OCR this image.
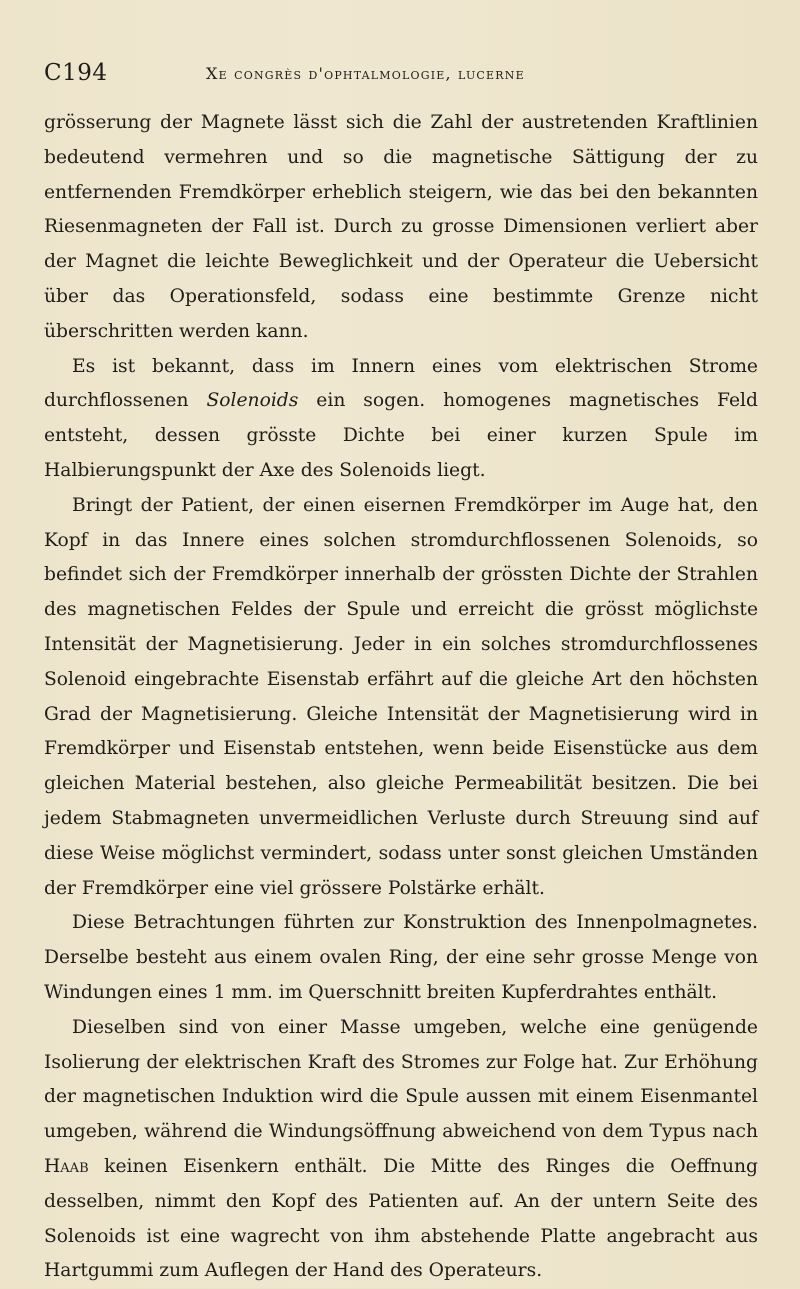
C194	Xe congrès d'ophtalmologie, lucerne

grösserung der Magnete lässt sich die Zahl der austretenden Kraftlinien bedeutend vermehren und so die magnetische Sättigung der zu entfernenden Fremdkörper erheblich steigern, wie das bei den bekannten Riesenmagneten der Fall ist. Durch zu grosse Dimensionen verliert aber der Magnet die leichte Beweglichkeit und der Operateur die Uebersicht über das Operationsfeld, sodass eine bestimmte Grenze nicht überschritten werden kann.

Es ist bekannt, dass im Innern eines vom elektrischen Strome durchflossenen Solenoids ein sogen. homogenes magnetisches Feld entsteht, dessen grösste Dichte bei einer kurzen Spule im Halbierungspunkt der Axe des Solenoids liegt.

Bringt der Patient, der einen eisernen Fremdkörper im Auge hat, den Kopf in das Innere eines solchen stromdurchflossenen Solenoids, so befindet sich der Fremdkörper innerhalb der grössten Dichte der Strahlen des magnetischen Feldes der Spule und erreicht die grösst möglichste Intensität der Magnetisierung. Jeder in ein solches stromdurchflossenes Solenoid eingebrachte Eisenstab erfährt auf die gleiche Art den höchsten Grad der Magnetisierung. Gleiche Intensität der Magnetisierung wird in Fremdkörper und Eisenstab entstehen, wenn beide Eisenstücke aus dem gleichen Material bestehen, also gleiche Permeabilität besitzen. Die bei jedem Stabmagneten unvermeidlichen Verluste durch Streuung sind auf diese Weise möglichst vermindert, sodass unter sonst gleichen Umständen der Fremdkörper eine viel grössere Polstärke erhält.

Diese Betrachtungen führten zur Konstruktion des Innenpolmagnetes. Derselbe besteht aus einem ovalen Ring, der eine sehr grosse Menge von Windungen eines 1 mm. im Querschnitt breiten Kupferdrahtes enthält.

Dieselben sind von einer Masse umgeben, welche eine genügende Isolierung der elektrischen Kraft des Stromes zur Folge hat. Zur Erhöhung der magnetischen Induktion wird die Spule aussen mit einem Eisenmantel umgeben, während die Windungsöffnung abweichend von dem Typus nach Haab keinen Eisenkern enthält. Die Mitte des Ringes die Oeffnung desselben, nimmt den Kopf des Patienten auf. An der untern Seite des Solenoids ist eine wagrecht von ihm abstehende Platte angebracht aus Hartgummi zum Auflegen der Hand des Operateurs.
